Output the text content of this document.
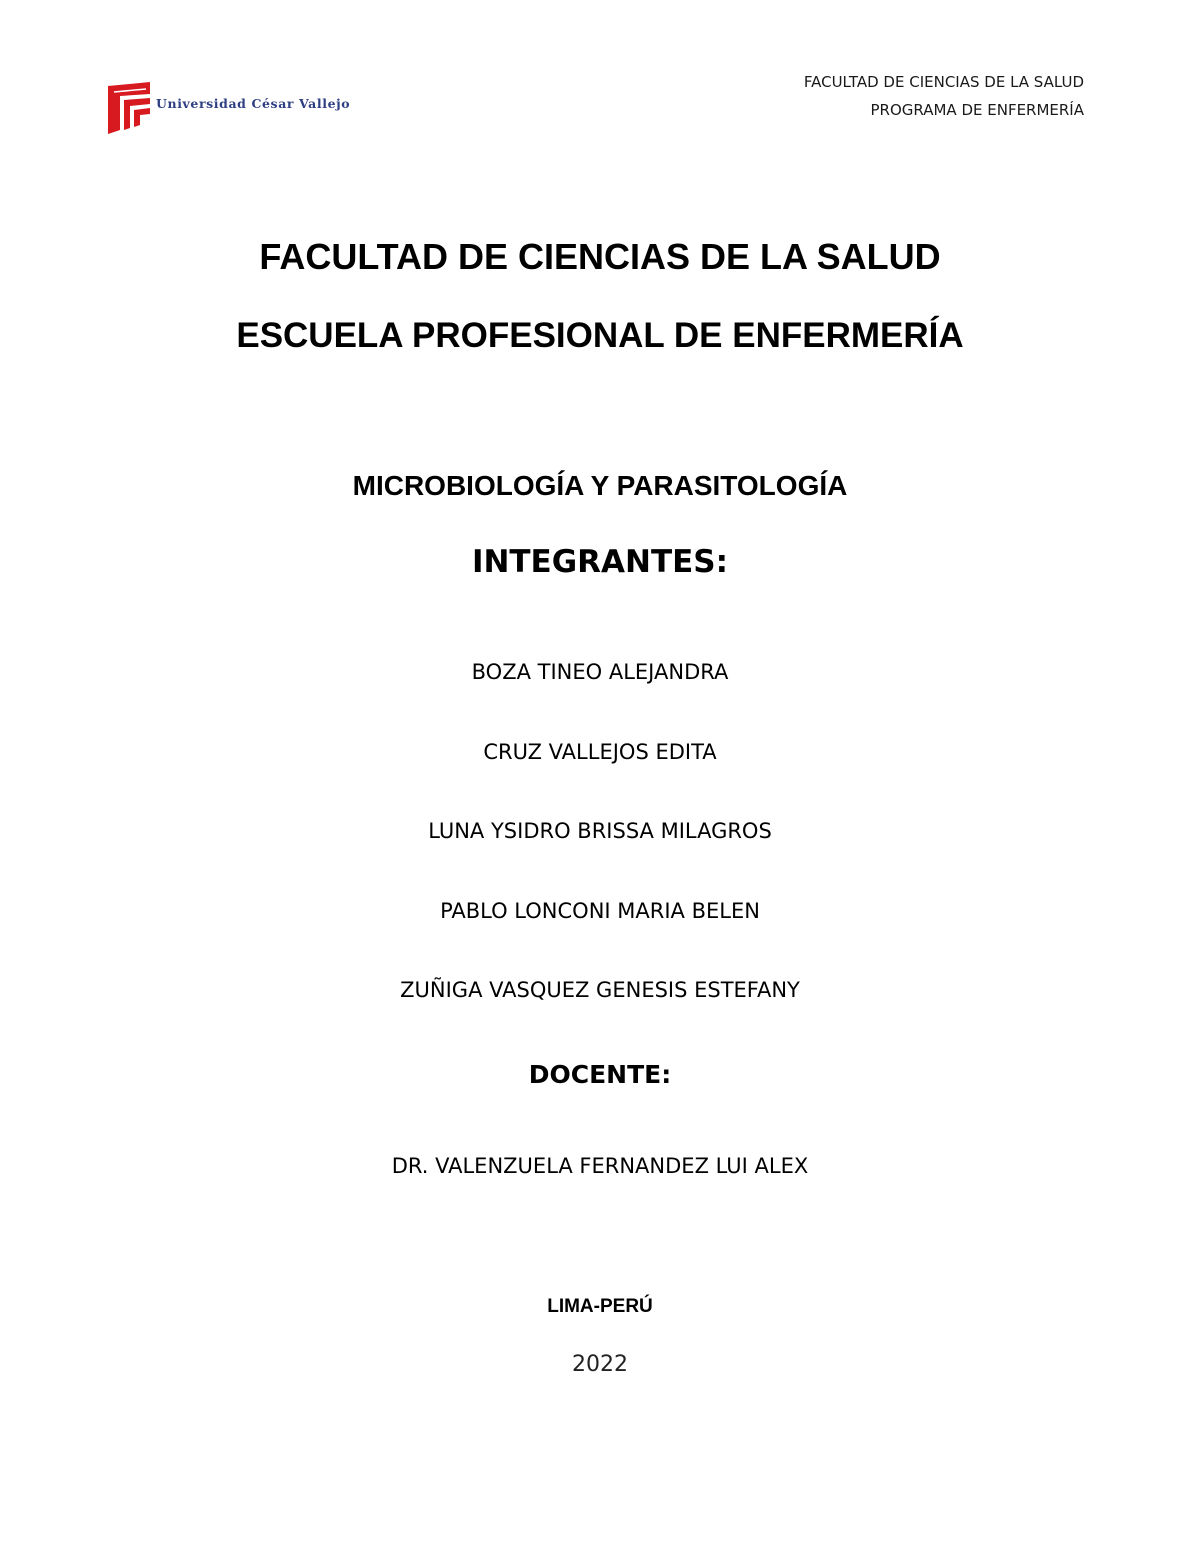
Universidad César Vallejo
FACULTAD DE CIENCIAS DE LA SALUD
PROGRAMA DE ENFERMERÍA
FACULTAD DE CIENCIAS DE LA SALUD
ESCUELA PROFESIONAL DE ENFERMERÍA
MICROBIOLOGÍA Y PARASITOLOGÍA
INTEGRANTES:
BOZA TINEO ALEJANDRA
CRUZ VALLEJOS EDITA
LUNA YSIDRO BRISSA MILAGROS
PABLO LONCONI MARIA BELEN
ZUÑIGA VASQUEZ GENESIS ESTEFANY
DOCENTE:
DR. VALENZUELA FERNANDEZ LUI ALEX
LIMA-PERÚ
2022
